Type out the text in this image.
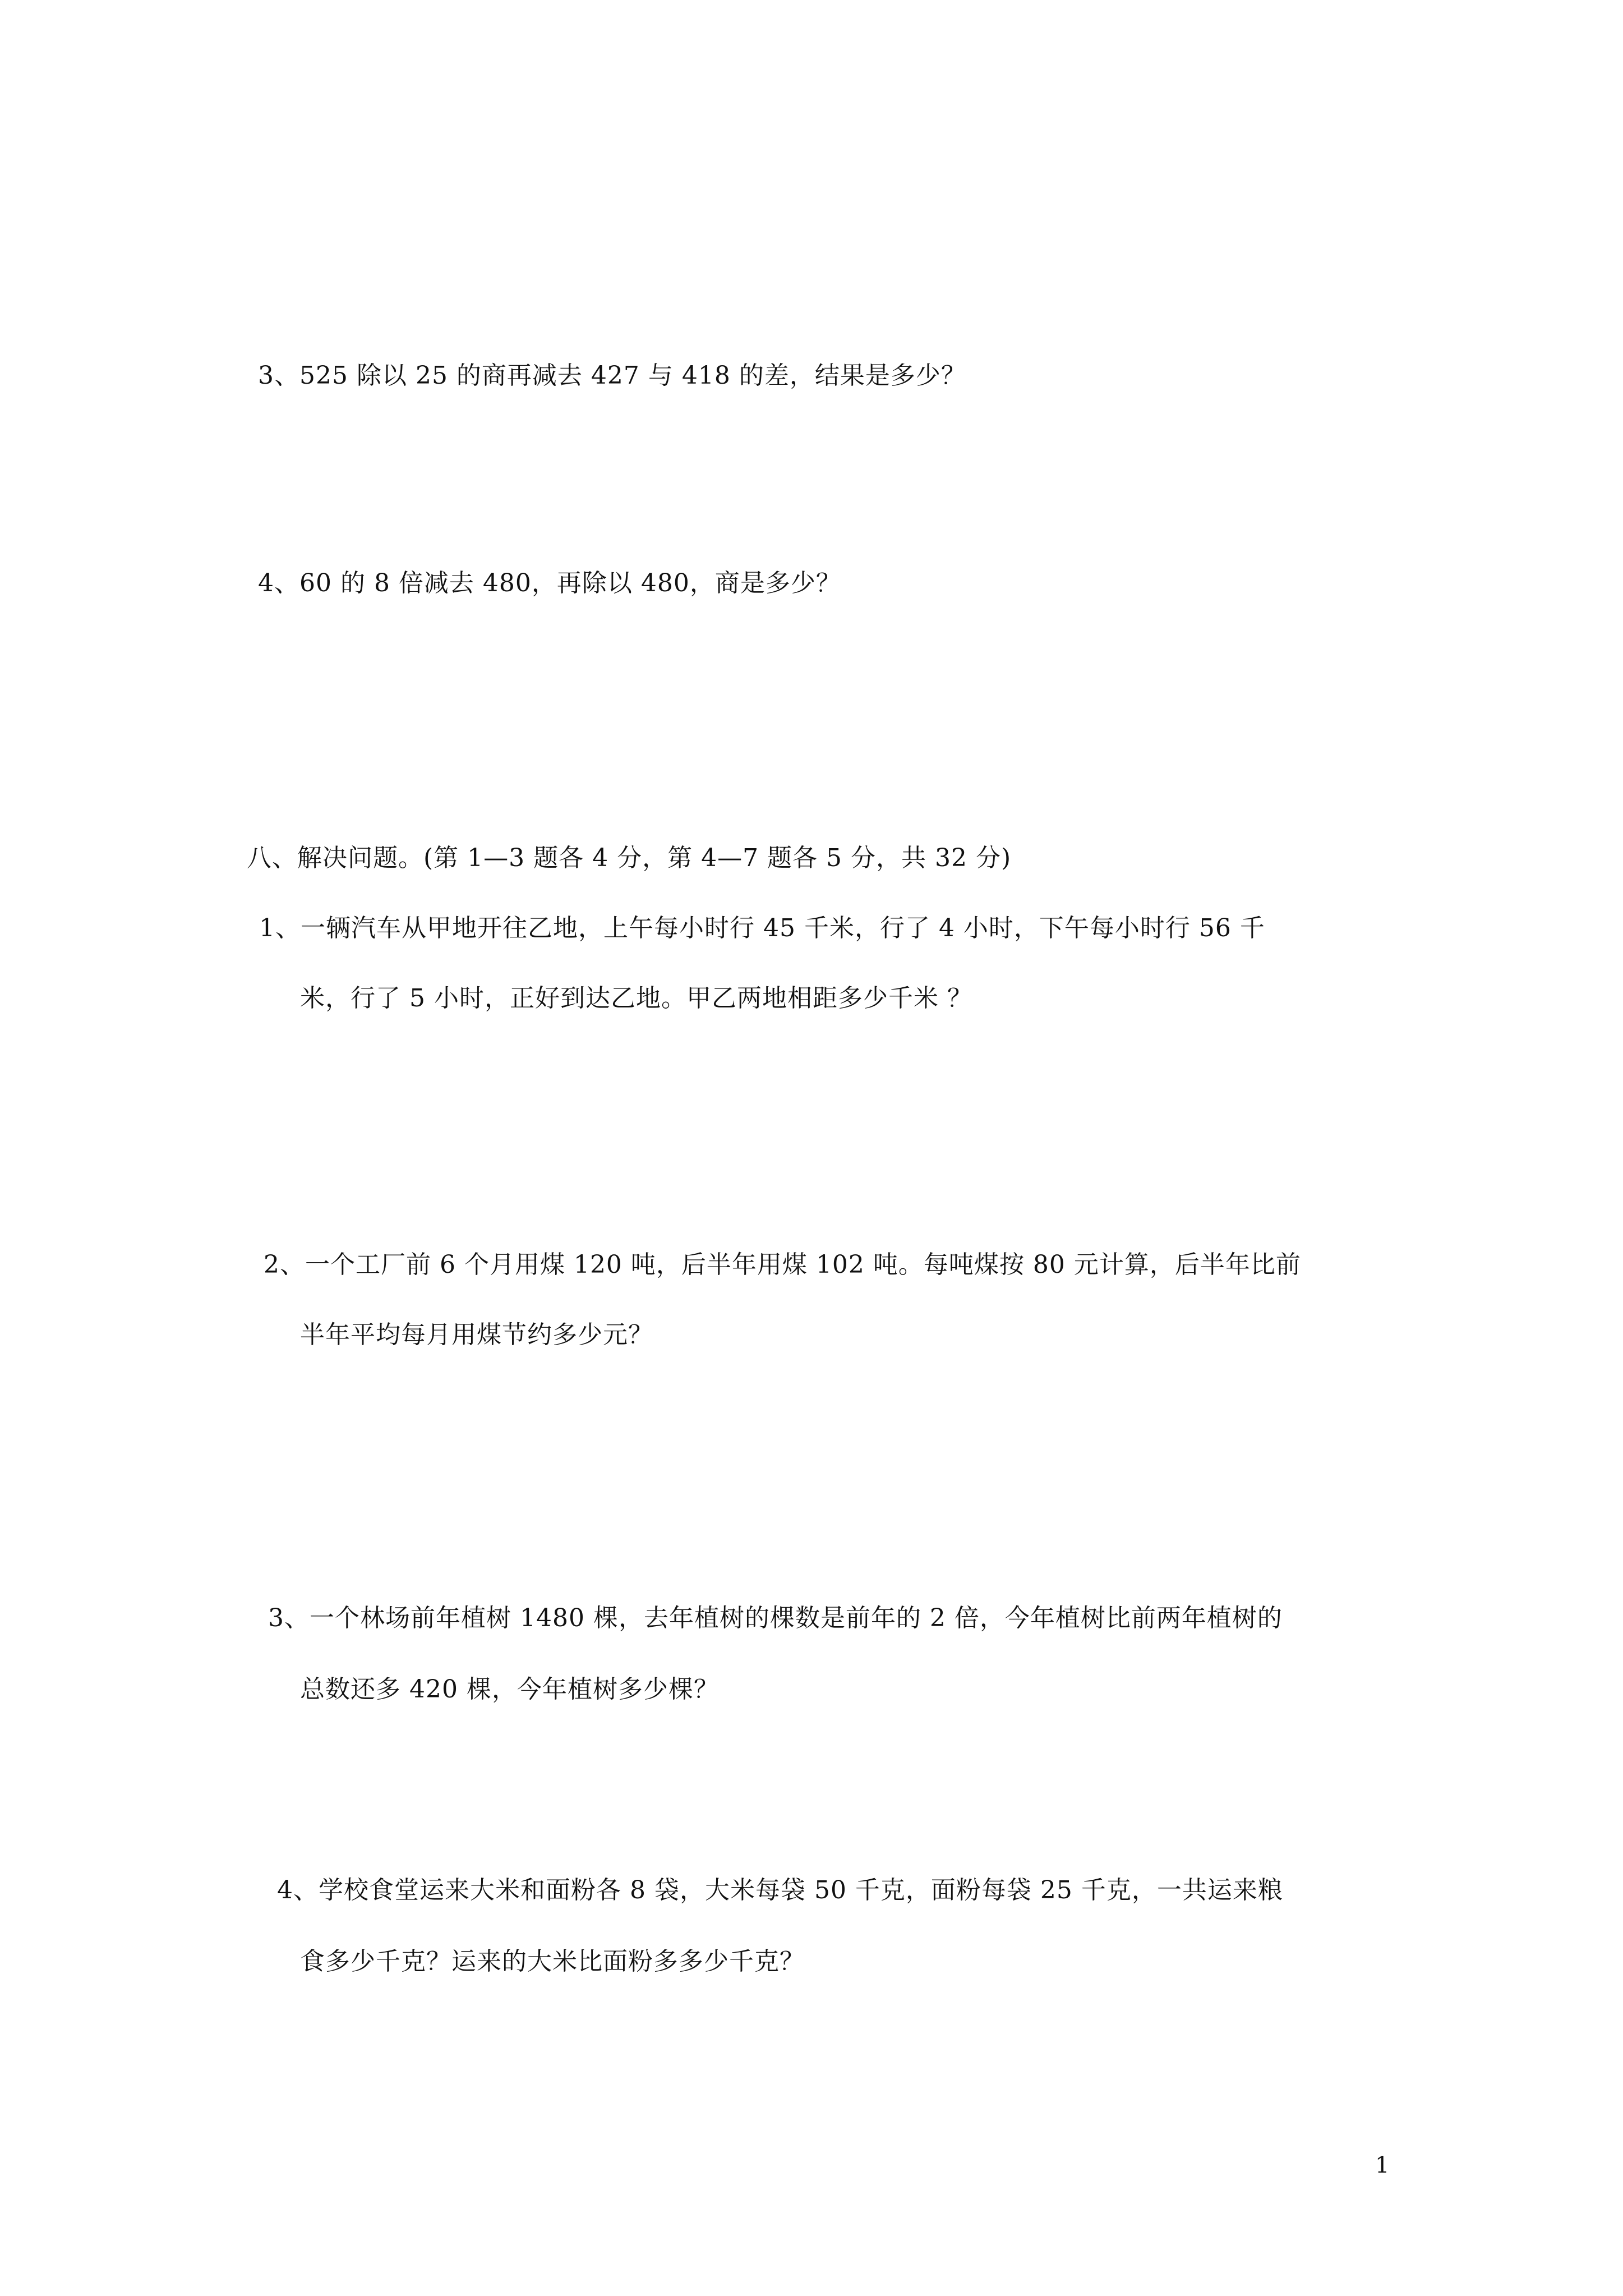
3、525 除以 25 的商再减去 427 与 418 的差，结果是多少？
4、60 的 8 倍减去 480，再除以 480，商是多少？
八、解决问题。(第 1—3 题各 4 分，第 4—7 题各 5 分，共 32 分)
1、一辆汽车从甲地开往乙地，上午每小时行 45 千米，行了 4 小时，下午每小时行 56 千
米，行了 5 小时，正好到达乙地。甲乙两地相距多少千米 ？
2、一个工厂前 6 个月用煤 120 吨，后半年用煤 102 吨。每吨煤按 80 元计算，后半年比前
半年平均每月用煤节约多少元？
3、一个林场前年植树 1480 棵，去年植树的棵数是前年的 2 倍，今年植树比前两年植树的
总数还多 420 棵，今年植树多少棵？
4、学校食堂运来大米和面粉各 8 袋，大米每袋 50 千克，面粉每袋 25 千克，一共运来粮
食多少千克？运来的大米比面粉多多少千克？
1
